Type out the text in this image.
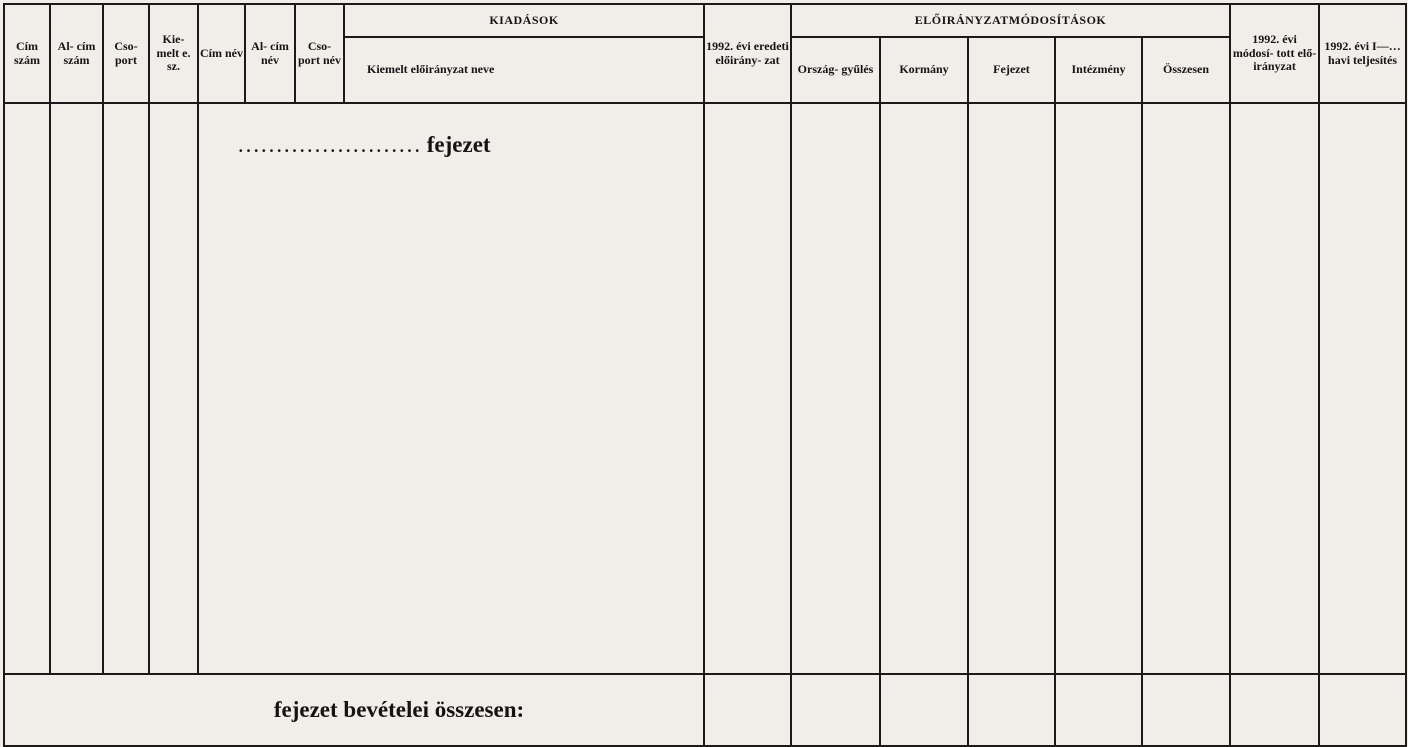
Cím szám	Al- cím szám	Cso- port	Kie- melt e. sz.	Cím név	Al- cím név	Cso- port név	KIADÁSOK	1992. évi eredeti előirány- zat	ELŐIRÁNYZATMÓDOSÍTÁSOK					1992. évi módosí- tott elő- irányzat	1992. évi I—… havi teljesítés
							Kiemelt előirányzat neve		Ország- gyűlés	Kormány	Fejezet	Intézmény	Összesen		

				…………………… fejezet											

fejezet bevételei összesen:															
